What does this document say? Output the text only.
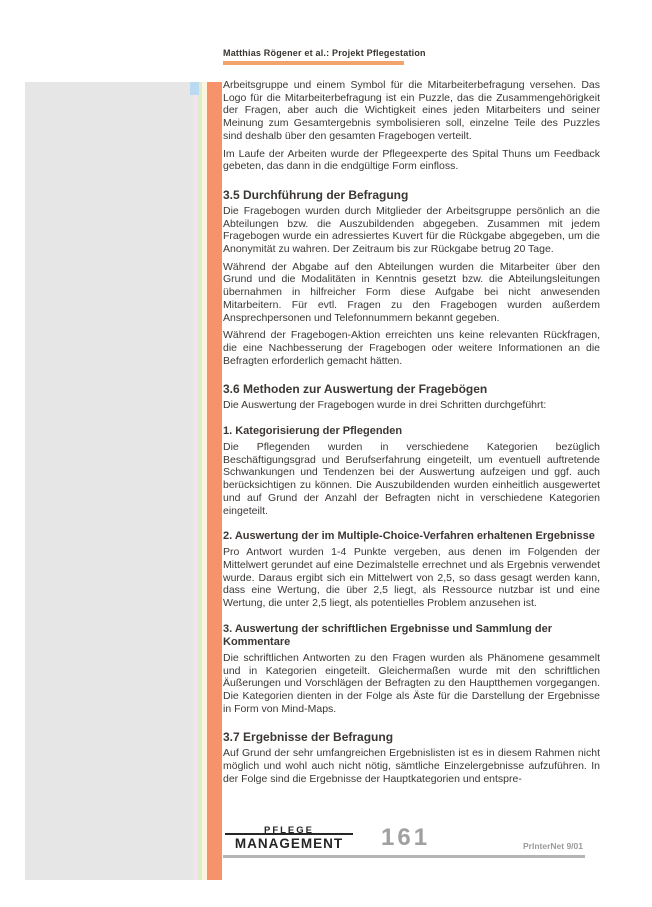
Matthias Rögener et al.: Projekt Pflegestation

Arbeitsgruppe und einem Symbol für die Mitarbeiterbefragung versehen. Das Logo für die Mitarbeiterbefragung ist ein Puzzle, das die Zusammengehörigkeit der Fragen, aber auch die Wichtigkeit eines jeden Mitarbeiters und seiner Meinung zum Gesamtergebnis symbolisieren soll, einzelne Teile des Puzzles sind deshalb über den gesamten Fragebogen verteilt.

Im Laufe der Arbeiten wurde der Pflegeexperte des Spital Thuns um Feedback gebeten, das dann in die endgültige Form einfloss.

3.5 Durchführung der Befragung

Die Fragebogen wurden durch Mitglieder der Arbeitsgruppe persönlich an die Abteilungen bzw. die Auszubildenden abgegeben. Zusammen mit jedem Fragebogen wurde ein adressiertes Kuvert für die Rückgabe abgegeben, um die Anonymität zu wahren. Der Zeitraum bis zur Rückgabe betrug 20 Tage.

Während der Abgabe auf den Abteilungen wurden die Mitarbeiter über den Grund und die Modalitäten in Kenntnis gesetzt bzw. die Abteilungsleitungen übernahmen in hilfreicher Form diese Aufgabe bei nicht anwesenden Mitarbeitern. Für evtl. Fragen zu den Fragebogen wurden außerdem Ansprechpersonen und Telefonnummern bekannt gegeben.

Während der Fragebogen-Aktion erreichten uns keine relevanten Rückfragen, die eine Nachbesserung der Fragebogen oder weitere Informationen an die Befragten erforderlich gemacht hätten.

3.6 Methoden zur Auswertung der Fragebögen

Die Auswertung der Fragebogen wurde in drei Schritten durchgeführt:

1. Kategorisierung der Pflegenden

Die Pflegenden wurden in verschiedene Kategorien bezüglich Beschäftigungsgrad und Berufserfahrung eingeteilt, um eventuell auftretende Schwankungen und Tendenzen bei der Auswertung aufzeigen und ggf. auch berücksichtigen zu können. Die Auszubildenden wurden einheitlich ausgewertet und auf Grund der Anzahl der Befragten nicht in verschiedene Kategorien eingeteilt.

2. Auswertung der im Multiple-Choice-Verfahren erhaltenen Ergebnisse

Pro Antwort wurden 1-4 Punkte vergeben, aus denen im Folgenden der Mittelwert gerundet auf eine Dezimalstelle errechnet und als Ergebnis verwendet wurde. Daraus ergibt sich ein Mittelwert von 2,5, so dass gesagt werden kann, dass eine Wertung, die über 2,5 liegt, als Ressource nutzbar ist und eine Wertung, die unter 2,5 liegt, als potentielles Problem anzusehen ist.

3. Auswertung der schriftlichen Ergebnisse und Sammlung der Kommentare

Die schriftlichen Antworten zu den Fragen wurden als Phänomene gesammelt und in Kategorien eingeteilt. Gleichermaßen wurde mit den schriftlichen Äußerungen und Vorschlägen der Befragten zu den Hauptthemen vorgegangen. Die Kategorien dienten in der Folge als Äste für die Darstellung der Ergebnisse in Form von Mind-Maps.

3.7 Ergebnisse der Befragung

Auf Grund der sehr umfangreichen Ergebnislisten ist es in diesem Rahmen nicht möglich und wohl auch nicht nötig, sämtliche Einzelergebnisse aufzuführen. In der Folge sind die Ergebnisse der Hauptkategorien und entspre-

PFLEGE
MANAGEMENT	161	PrInterNet 9/01
